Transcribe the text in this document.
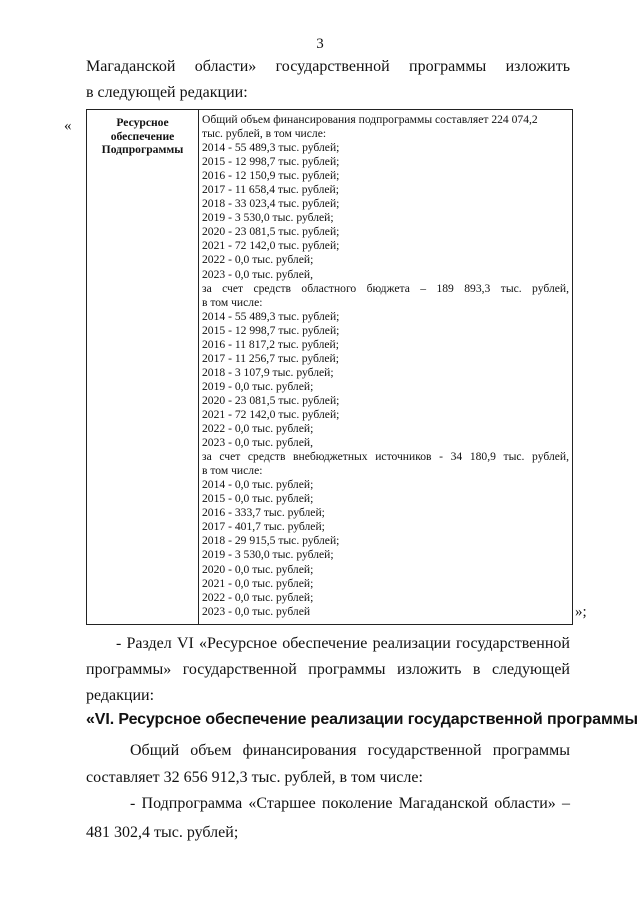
3
Магаданской области» государственной программы изложить
в следующей редакции:
«	Ресурсное
обеспечение
Подпрограммы

Общий объем финансирования подпрограммы составляет 224 074,2
тыс. рублей, в том числе:
2014 - 55 489,3 тыс. рублей;
2015 - 12 998,7 тыс. рублей;
2016 - 12 150,9 тыс. рублей;
2017 - 11 658,4 тыс. рублей;
2018 - 33 023,4 тыс. рублей;
2019 - 3 530,0 тыс. рублей;
2020 - 23 081,5 тыс. рублей;
2021 - 72 142,0 тыс. рублей;
2022 - 0,0 тыс. рублей;
2023 - 0,0 тыс. рублей,
за счет средств областного бюджета – 189 893,3 тыс. рублей,
в том числе:
2014 - 55 489,3 тыс. рублей;
2015 - 12 998,7 тыс. рублей;
2016 - 11 817,2 тыс. рублей;
2017 - 11 256,7 тыс. рублей;
2018 - 3 107,9 тыс. рублей;
2019 - 0,0 тыс. рублей;
2020 - 23 081,5 тыс. рублей;
2021 - 72 142,0 тыс. рублей;
2022 - 0,0 тыс. рублей;
2023 - 0,0 тыс. рублей,
за счет средств внебюджетных источников - 34 180,9 тыс. рублей,
в том числе:
2014 - 0,0 тыс. рублей;
2015 - 0,0 тыс. рублей;
2016 - 333,7 тыс. рублей;
2017 - 401,7 тыс. рублей;
2018 - 29 915,5 тыс. рублей;
2019 - 3 530,0 тыс. рублей;
2020 - 0,0 тыс. рублей;
2021 - 0,0 тыс. рублей;
2022 - 0,0 тыс. рублей;
2023 - 0,0 тыс. рублей	»;
- Раздел VI «Ресурсное обеспечение реализации государственной
программы» государственной программы изложить в следующей
редакции:
«VI. Ресурсное обеспечение реализации государственной программы
Общий объем финансирования государственной программы
составляет 32 656 912,3 тыс. рублей, в том числе:
- Подпрограмма «Старшее поколение Магаданской области» –
481 302,4 тыс. рублей;
